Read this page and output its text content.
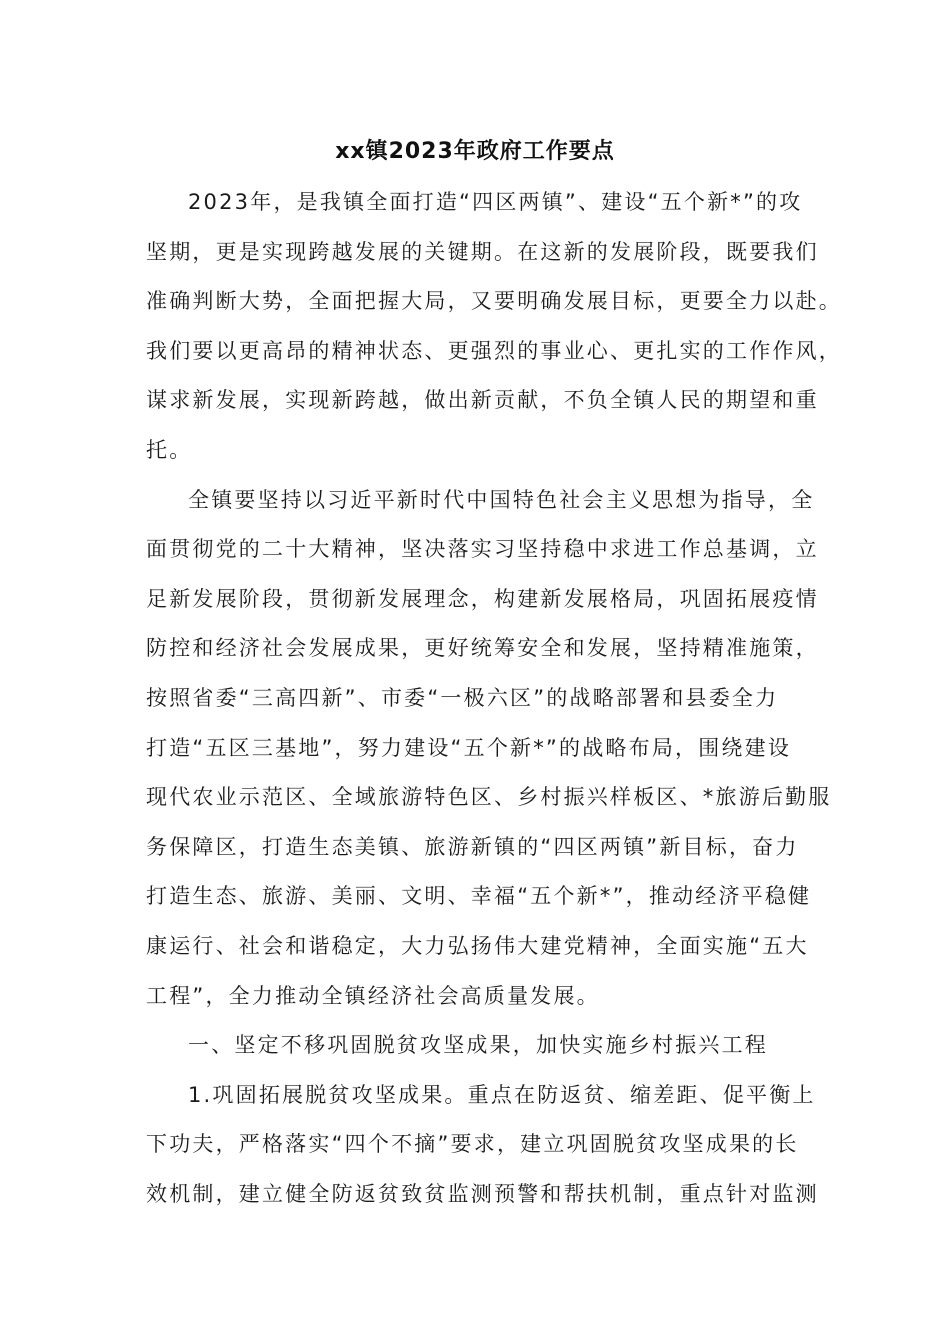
xx镇2023年政府工作要点
2023年，是我镇全面打造“四区两镇”、建设“五个新*”的攻
坚期，更是实现跨越发展的关键期。在这新的发展阶段，既要我们
准确判断大势，全面把握大局，又要明确发展目标，更要全力以赴。
我们要以更高昂的精神状态、更强烈的事业心、更扎实的工作作风，
谋求新发展，实现新跨越，做出新贡献，不负全镇人民的期望和重
托。
全镇要坚持以习近平新时代中国特色社会主义思想为指导，全
面贯彻党的二十大精神，坚决落实习坚持稳中求进工作总基调，立
足新发展阶段，贯彻新发展理念，构建新发展格局，巩固拓展疫情
防控和经济社会发展成果，更好统筹安全和发展，坚持精准施策，
按照省委“三高四新”、市委“一极六区”的战略部署和县委全力
打造“五区三基地”，努力建设“五个新*”的战略布局，围绕建设
现代农业示范区、全域旅游特色区、乡村振兴样板区、*旅游后勤服
务保障区，打造生态美镇、旅游新镇的“四区两镇”新目标，奋力
打造生态、旅游、美丽、文明、幸福“五个新*”，推动经济平稳健
康运行、社会和谐稳定，大力弘扬伟大建党精神，全面实施“五大
工程”，全力推动全镇经济社会高质量发展。
一、坚定不移巩固脱贫攻坚成果，加快实施乡村振兴工程
1.巩固拓展脱贫攻坚成果。重点在防返贫、缩差距、促平衡上
下功夫，严格落实“四个不摘”要求，建立巩固脱贫攻坚成果的长
效机制，建立健全防返贫致贫监测预警和帮扶机制，重点针对监测
